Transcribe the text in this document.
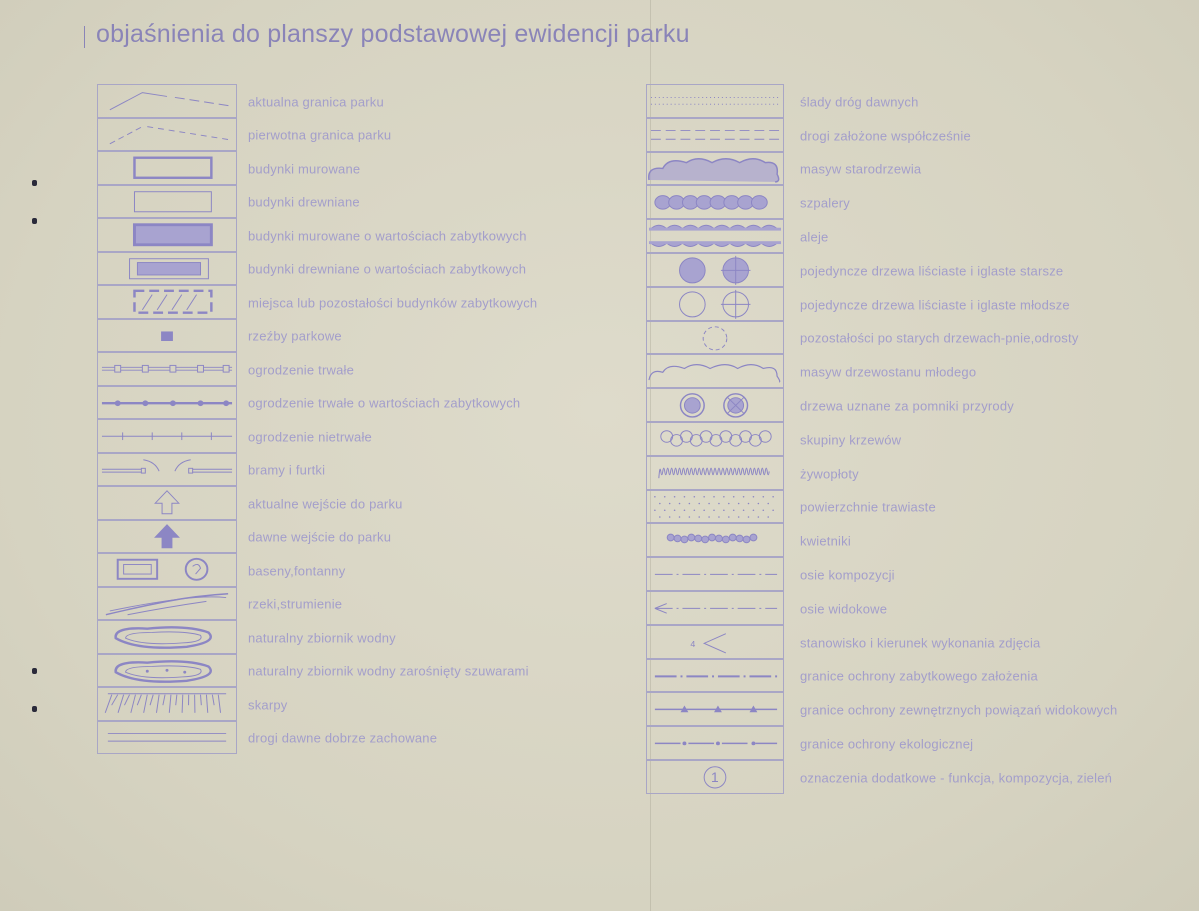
objaśnienia do planszy podstawowej ewidencji parku
aktualna granica parku
pierwotna granica parku
budynki murowane
budynki drewniane
budynki murowane o wartościach zabytkowych
budynki drewniane o wartościach zabytkowych
miejsca lub pozostałości budynków zabytkowych
rzeźby parkowe
ogrodzenie trwałe
ogrodzenie trwałe o wartościach zabytkowych
ogrodzenie nietrwałe
bramy i furtki
aktualne wejście do parku
dawne wejście do parku
baseny,fontanny
rzeki,strumienie
naturalny zbiornik wodny
naturalny zbiornik wodny zarośnięty szuwarami
skarpy
drogi dawne dobrze zachowane
ślady dróg dawnych
drogi założone współcześnie
masyw starodrzewia
szpalery
aleje
pojedyncze drzewa liściaste i iglaste starsze
pojedyncze drzewa liściaste i iglaste młodsze
pozostałości po starych drzewach-pnie,odrosty
masyw drzewostanu młodego
drzewa uznane za pomniki przyrody
skupiny krzewów
żywopłoty
powierzchnie trawiaste
kwietniki
osie kompozycji
osie widokowe
4	stanowisko i kierunek wykonania zdjęcia
granice ochrony zabytkowego założenia
granice ochrony zewnętrznych powiązań widokowych
granice ochrony ekologicznej
1	oznaczenia dodatkowe - funkcja, kompozycja, zieleń
